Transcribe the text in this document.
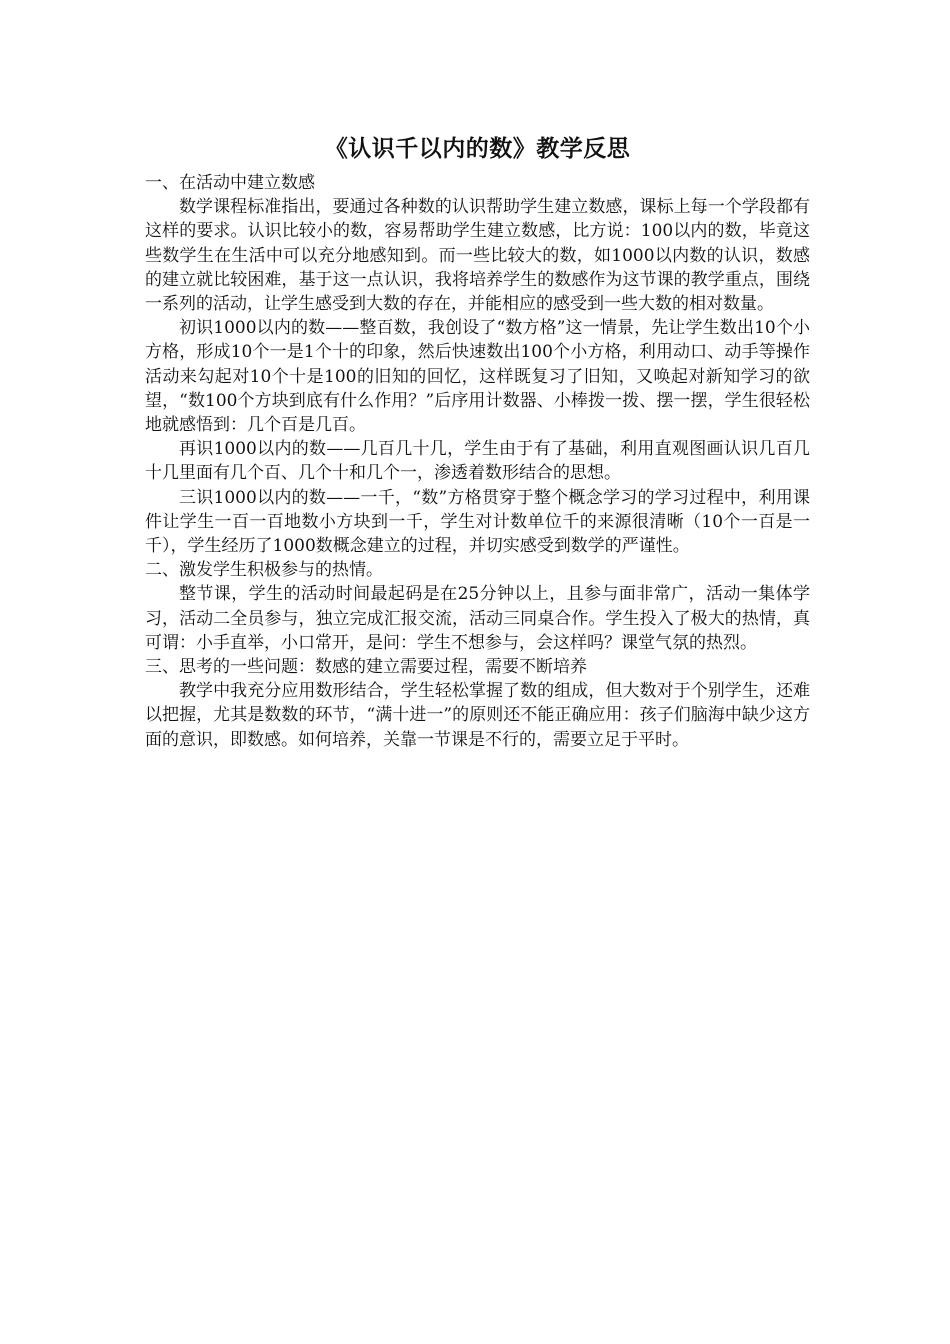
《认识千以内的数》教学反思

一、在活动中建立数感

数学课程标准指出，要通过各种数的认识帮助学生建立数感，课标上每一个学段都有这样的要求。认识比较小的数，容易帮助学生建立数感，比方说：100以内的数，毕竟这些数学生在生活中可以充分地感知到。而一些比较大的数，如1000以内数的认识，数感的建立就比较困难，基于这一点认识，我将培养学生的数感作为这节课的教学重点，围绕一系列的活动，让学生感受到大数的存在，并能相应的感受到一些大数的相对数量。

初识1000以内的数——整百数，我创设了“数方格”这一情景，先让学生数出10个小方格，形成10个一是1个十的印象，然后快速数出100个小方格，利用动口、动手等操作活动来勾起对10个十是100的旧知的回忆，这样既复习了旧知，又唤起对新知学习的欲望，“数100个方块到底有什么作用？”后序用计数器、小棒拨一拨、摆一摆，学生很轻松地就感悟到：几个百是几百。

再识1000以内的数——几百几十几，学生由于有了基础，利用直观图画认识几百几十几里面有几个百、几个十和几个一，渗透着数形结合的思想。

三识1000以内的数——一千，“数”方格贯穿于整个概念学习的学习过程中，利用课件让学生一百一百地数小方块到一千，学生对计数单位千的来源很清晰（10个一百是一千），学生经历了1000数概念建立的过程，并切实感受到数学的严谨性。

二、激发学生积极参与的热情。

整节课，学生的活动时间最起码是在25分钟以上，且参与面非常广，活动一集体学习，活动二全员参与，独立完成汇报交流，活动三同桌合作。学生投入了极大的热情，真可谓：小手直举，小口常开，是问：学生不想参与，会这样吗？课堂气氛的热烈。

三、思考的一些问题：数感的建立需要过程，需要不断培养

教学中我充分应用数形结合，学生轻松掌握了数的组成，但大数对于个别学生，还难以把握，尤其是数数的环节，“满十进一”的原则还不能正确应用：孩子们脑海中缺少这方面的意识，即数感。如何培养，关靠一节课是不行的，需要立足于平时。
